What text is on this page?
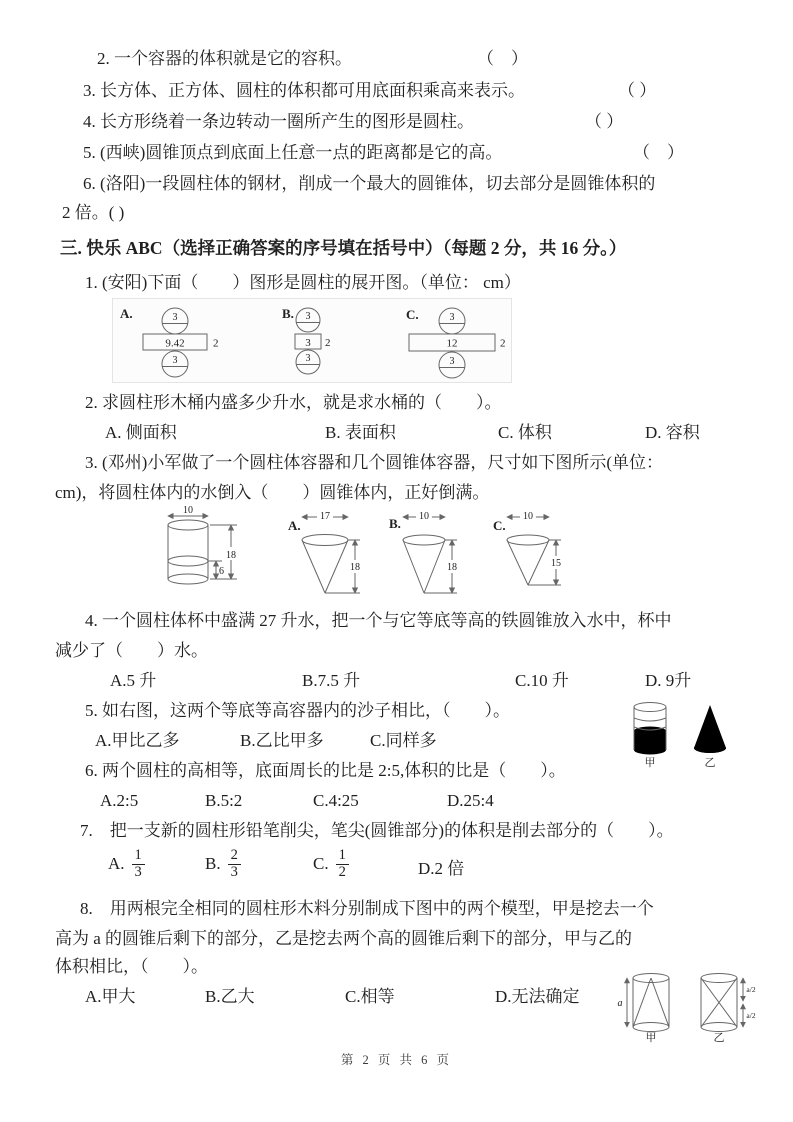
2. 一个容器的体积就是它的容积。	（　）
3. 长方体、正方体、圆柱的体积都可用底面积乘高来表示。	（ ）
4. 长方形绕着一条边转动一圈所产生的图形是圆柱。	（ ）
5. (西峡)圆锥顶点到底面上任意一点的距离都是它的高。	（　）
6. (洛阳)一段圆柱体的钢材，削成一个最大的圆锥体，切去部分是圆锥体积的
2 倍。( )
三. 快乐 ABC（选择正确答案的序号填在括号中）（每题 2 分，共 16 分。）
1. (安阳)下面（　　）图形是圆柱的展开图。（单位： cm）
A.	3
9.42	2
3
B. 3
3 2
3
C.	3
12	2
3
2. 求圆柱形木桶内盛多少升水，就是求水桶的（　　）。
A. 侧面积	B. 表面积	C. 体积	D. 容积
3. (邓州)小军做了一个圆柱体容器和几个圆锥体容器，尺寸如下图所示(单位：
cm)，将圆柱体内的水倒入（　　）圆锥体内，正好倒满。
10
18
6
A.
17
18
B. 10
18
C.
10
15
4. 一个圆柱体杯中盛满 27 升水，把一个与它等底等高的铁圆锥放入水中，杯中
减少了（　　）水。
A.5 升	B.7.5 升	C.10 升	D. 9升
5. 如右图，这两个等底等高容器内的沙子相比，（　　）。
A.甲比乙多	B.乙比甲多	C.同样多
甲	乙
6. 两个圆柱的高相等，底面周长的比是 2:5,体积的比是（　　）。
A.2:5	B.5:2	C.4:25	D.25:4
7.　把一支新的圆柱形铅笔削尖，笔尖(圆锥部分)的体积是削去部分的（　　）。
A. $\frac{1}{3}$	B. $\frac{2}{3}$	C. $\frac{1}{2}$	D.2 倍
8.　用两根完全相同的圆柱形木料分别制成下图中的两个模型，甲是挖去一个
高为 a 的圆锥后剩下的部分，乙是挖去两个高的圆锥后剩下的部分，甲与乙的
体积相比，（　　）。
A.甲大	B.乙大	C.相等	D.无法确定	a
甲
a/2
a/2
乙
第 2 页 共 6 页
